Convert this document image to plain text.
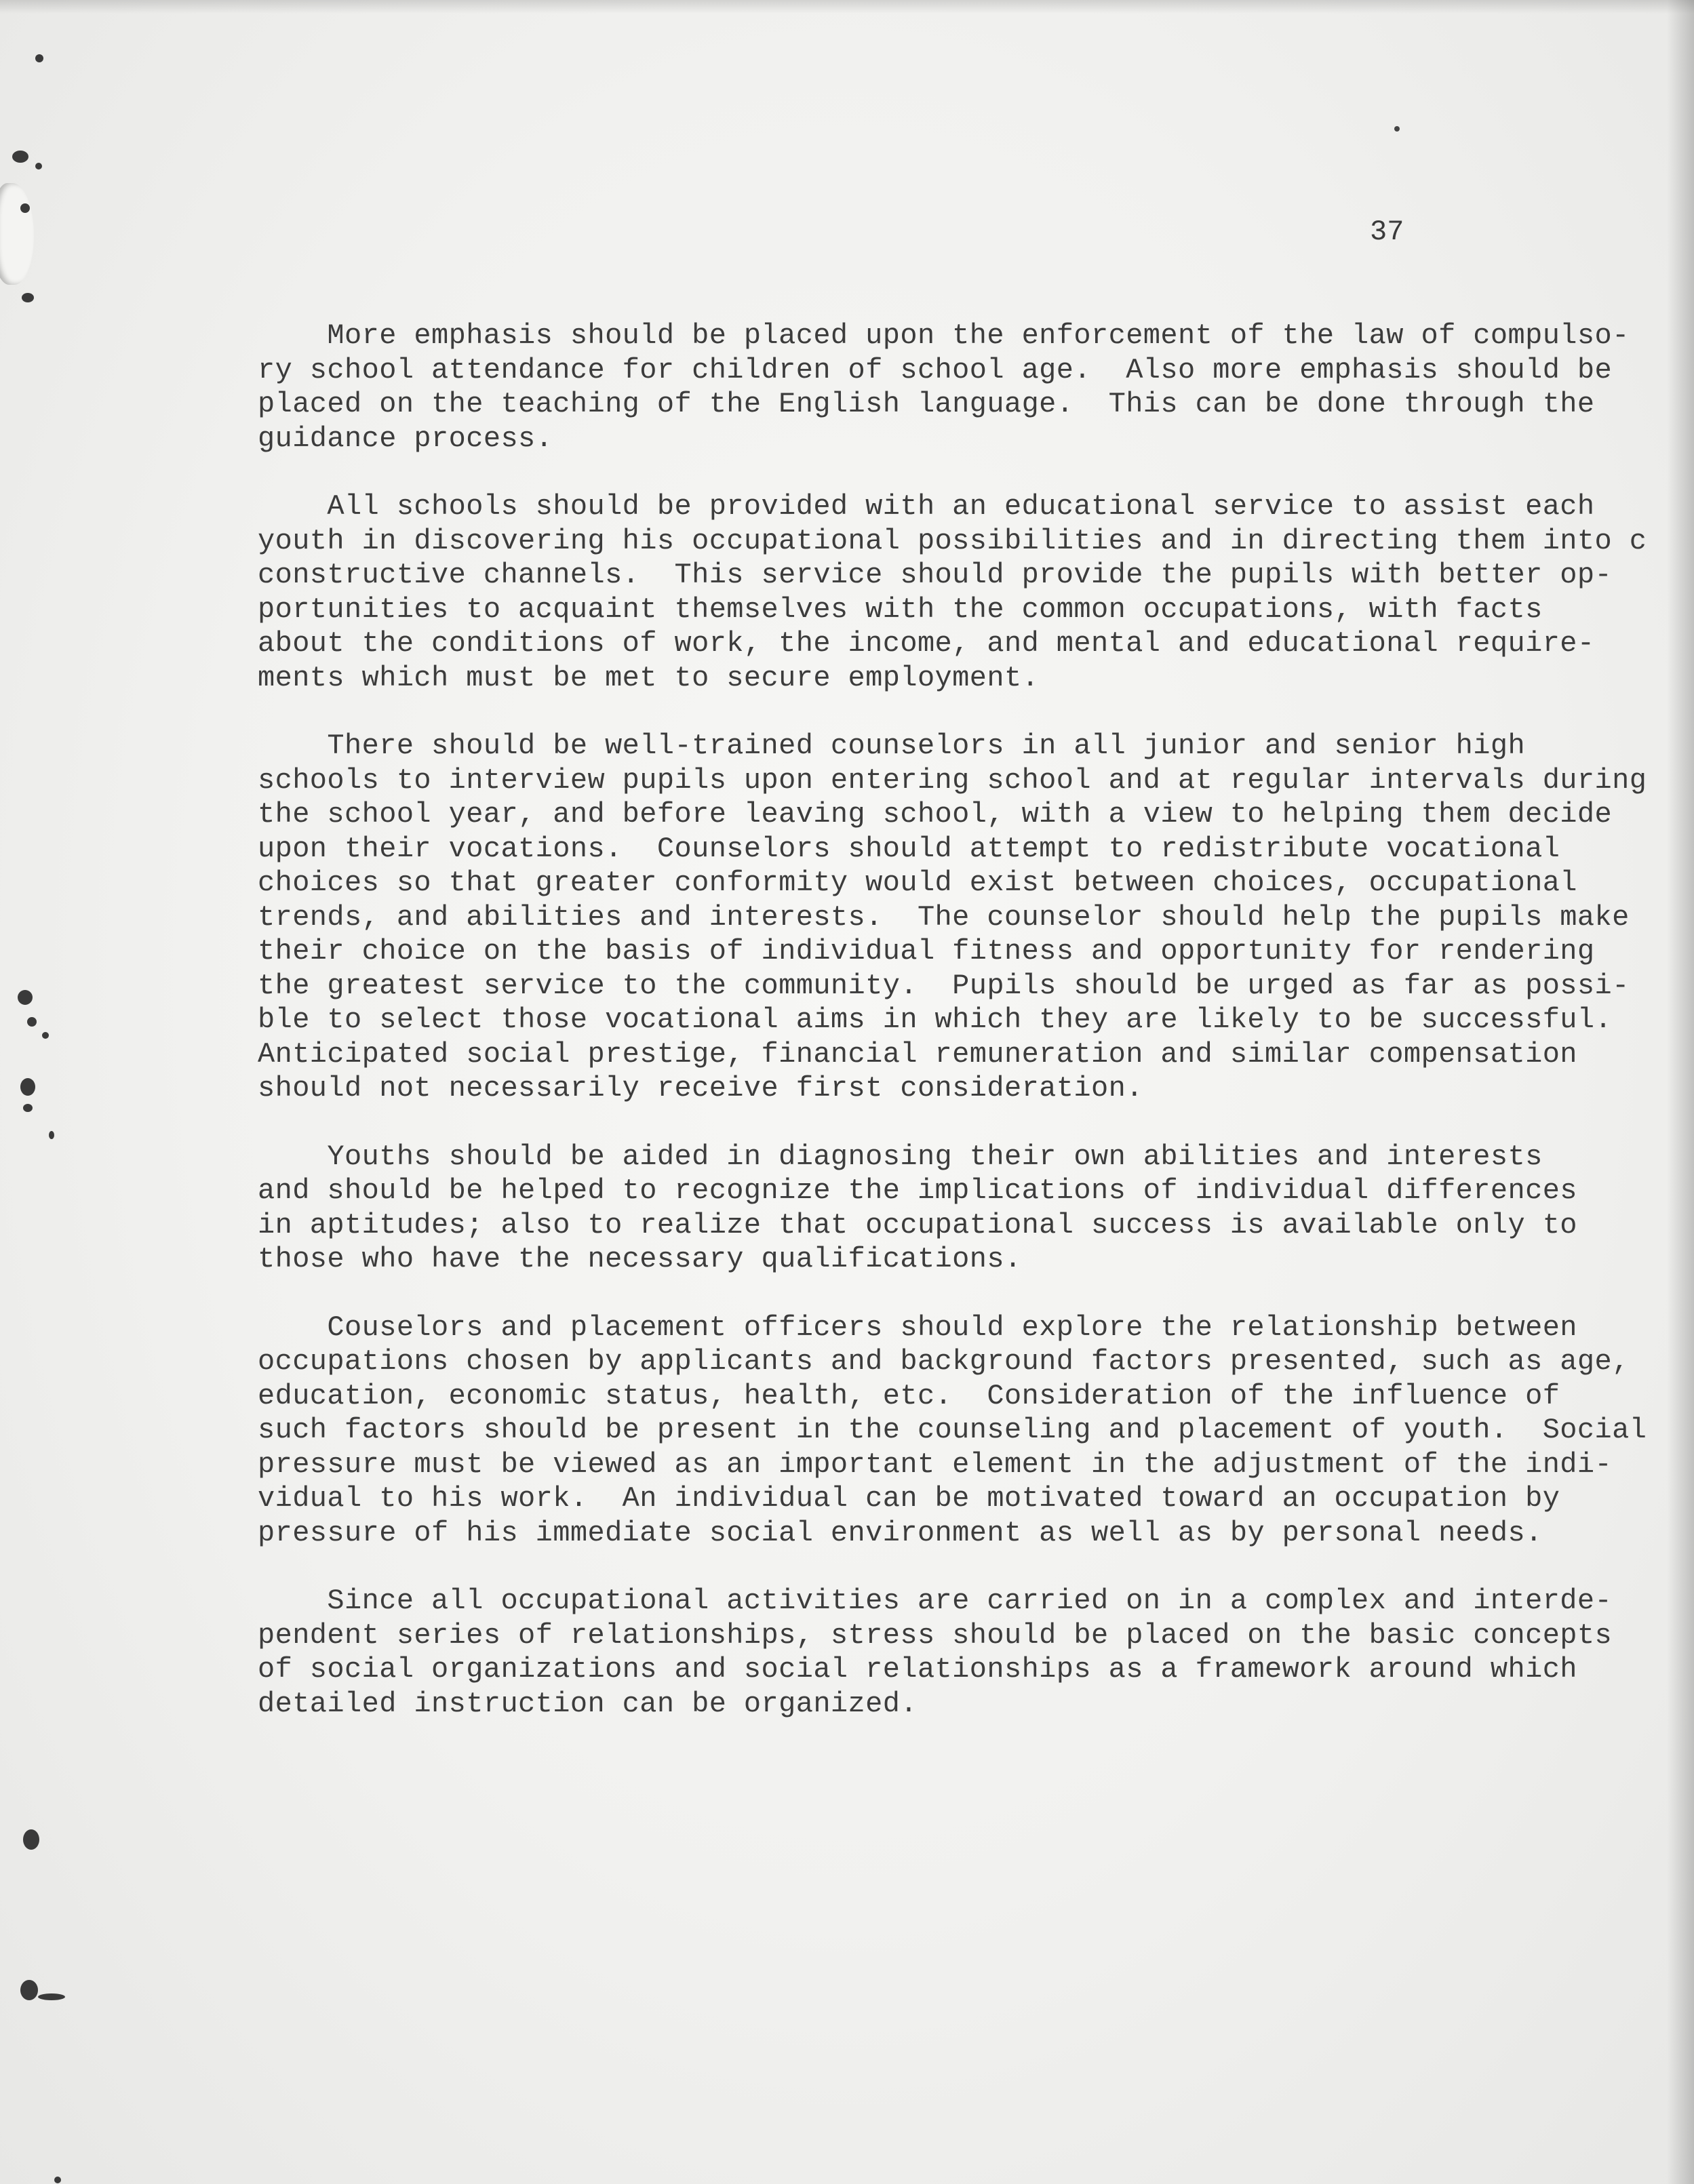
37
More emphasis should be placed upon the enforcement of the law of compulso-
ry school attendance for children of school age.  Also more emphasis should be
placed on the teaching of the English language.  This can be done through the
guidance process.
All schools should be provided with an educational service to assist each
youth in discovering his occupational possibilities and in directing them into c
constructive channels.  This service should provide the pupils with better op-
portunities to acquaint themselves with the common occupations, with facts
about the conditions of work, the income, and mental and educational require-
ments which must be met to secure employment.
There should be well-trained counselors in all junior and senior high
schools to interview pupils upon entering school and at regular intervals during
the school year, and before leaving school, with a view to helping them decide
upon their vocations.  Counselors should attempt to redistribute vocational
choices so that greater conformity would exist between choices, occupational
trends, and abilities and interests.  The counselor should help the pupils make
their choice on the basis of individual fitness and opportunity for rendering
the greatest service to the community.  Pupils should be urged as far as possi-
ble to select those vocational aims in which they are likely to be successful.
Anticipated social prestige, financial remuneration and similar compensation
should not necessarily receive first consideration.
Youths should be aided in diagnosing their own abilities and interests
and should be helped to recognize the implications of individual differences
in aptitudes; also to realize that occupational success is available only to
those who have the necessary qualifications.
Couselors and placement officers should explore the relationship between
occupations chosen by applicants and background factors presented, such as age,
education, economic status, health, etc.  Consideration of the influence of
such factors should be present in the counseling and placement of youth.  Social
pressure must be viewed as an important element in the adjustment of the indi-
vidual to his work.  An individual can be motivated toward an occupation by
pressure of his immediate social environment as well as by personal needs.
Since all occupational activities are carried on in a complex and interde-
pendent series of relationships, stress should be placed on the basic concepts
of social organizations and social relationships as a framework around which
detailed instruction can be organized.
